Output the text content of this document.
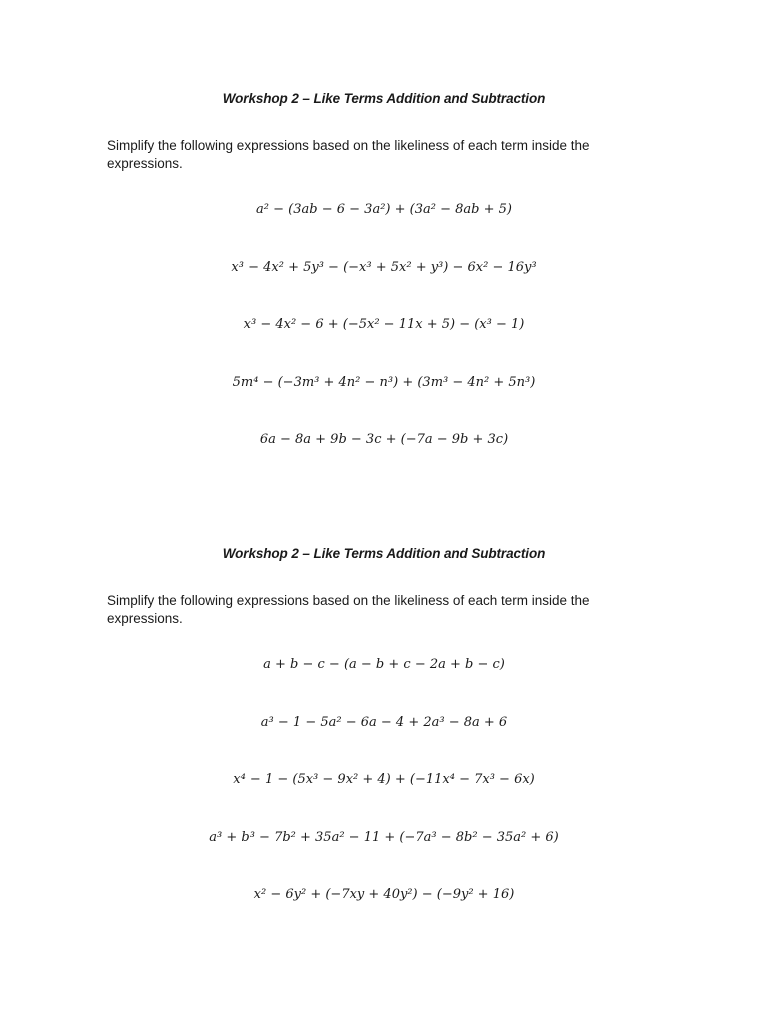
Workshop 2 – Like Terms Addition and Subtraction

Simplify the following expressions based on the likeliness of each term inside the expressions.

a² − (3ab − 6 − 3a²) + (3a² − 8ab + 5)
x³ − 4x² + 5y³ − (−x³ + 5x² + y³) − 6x² − 16y³
x³ − 4x² − 6 + (−5x² − 11x + 5) − (x³ − 1)
5m⁴ − (−3m³ + 4n² − n³) + (3m³ − 4n² + 5n³)
6a − 8a + 9b − 3c + (−7a − 9b + 3c)
Workshop 2 – Like Terms Addition and Subtraction

Simplify the following expressions based on the likeliness of each term inside the expressions.

a + b − c − (a − b + c − 2a + b − c)
a³ − 1 − 5a² − 6a − 4 + 2a³ − 8a + 6
x⁴ − 1 − (5x³ − 9x² + 4) + (−11x⁴ − 7x³ − 6x)
a³ + b³ − 7b² + 35a² − 11 + (−7a³ − 8b² − 35a² + 6)
x² − 6y² + (−7xy + 40y²) − (−9y² + 16)
